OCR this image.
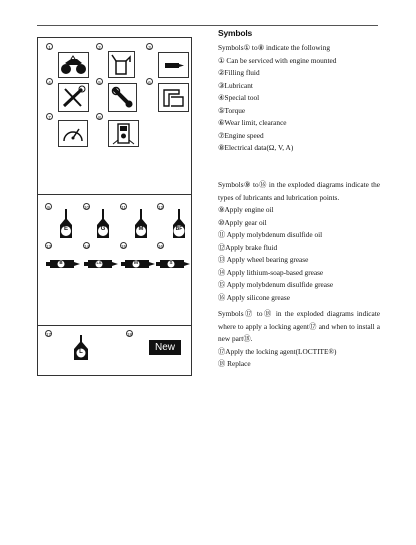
Symbols
1	2	3
4	5	6
7	8
9	10	11	12
E	G	M	BF
13	14	15	16
B	LS	M	S
17
L
18
New
Symbols① to⑧ indicate the following
① Can be serviced with engine mounted
②Filling fluid
③Lubricant
④Special tool
⑤Torque
⑥Wear limit, clearance
⑦Engine speed
⑧Electrical data(Ω, V, A)
Symbols⑨ to⑯ in the exploded diagrams indicate the types of lubricants and lubrication points.
⑨Apply engine oil
⑩Apply gear oil
⑪ Apply molybdenum disulfide oil
⑫Apply brake fluid
⑬ Apply wheel bearing grease
⑭ Apply lithium-soap-based grease
⑮ Apply molybdenum disulfide grease
⑯ Apply silicone grease
Symbols⑰ to⑱ in the exploded diagrams indicate where to apply a locking agent⑰ and when to install a new part⑱.
⑰Apply the locking agent(LOCTITE®)
⑱ Replace
